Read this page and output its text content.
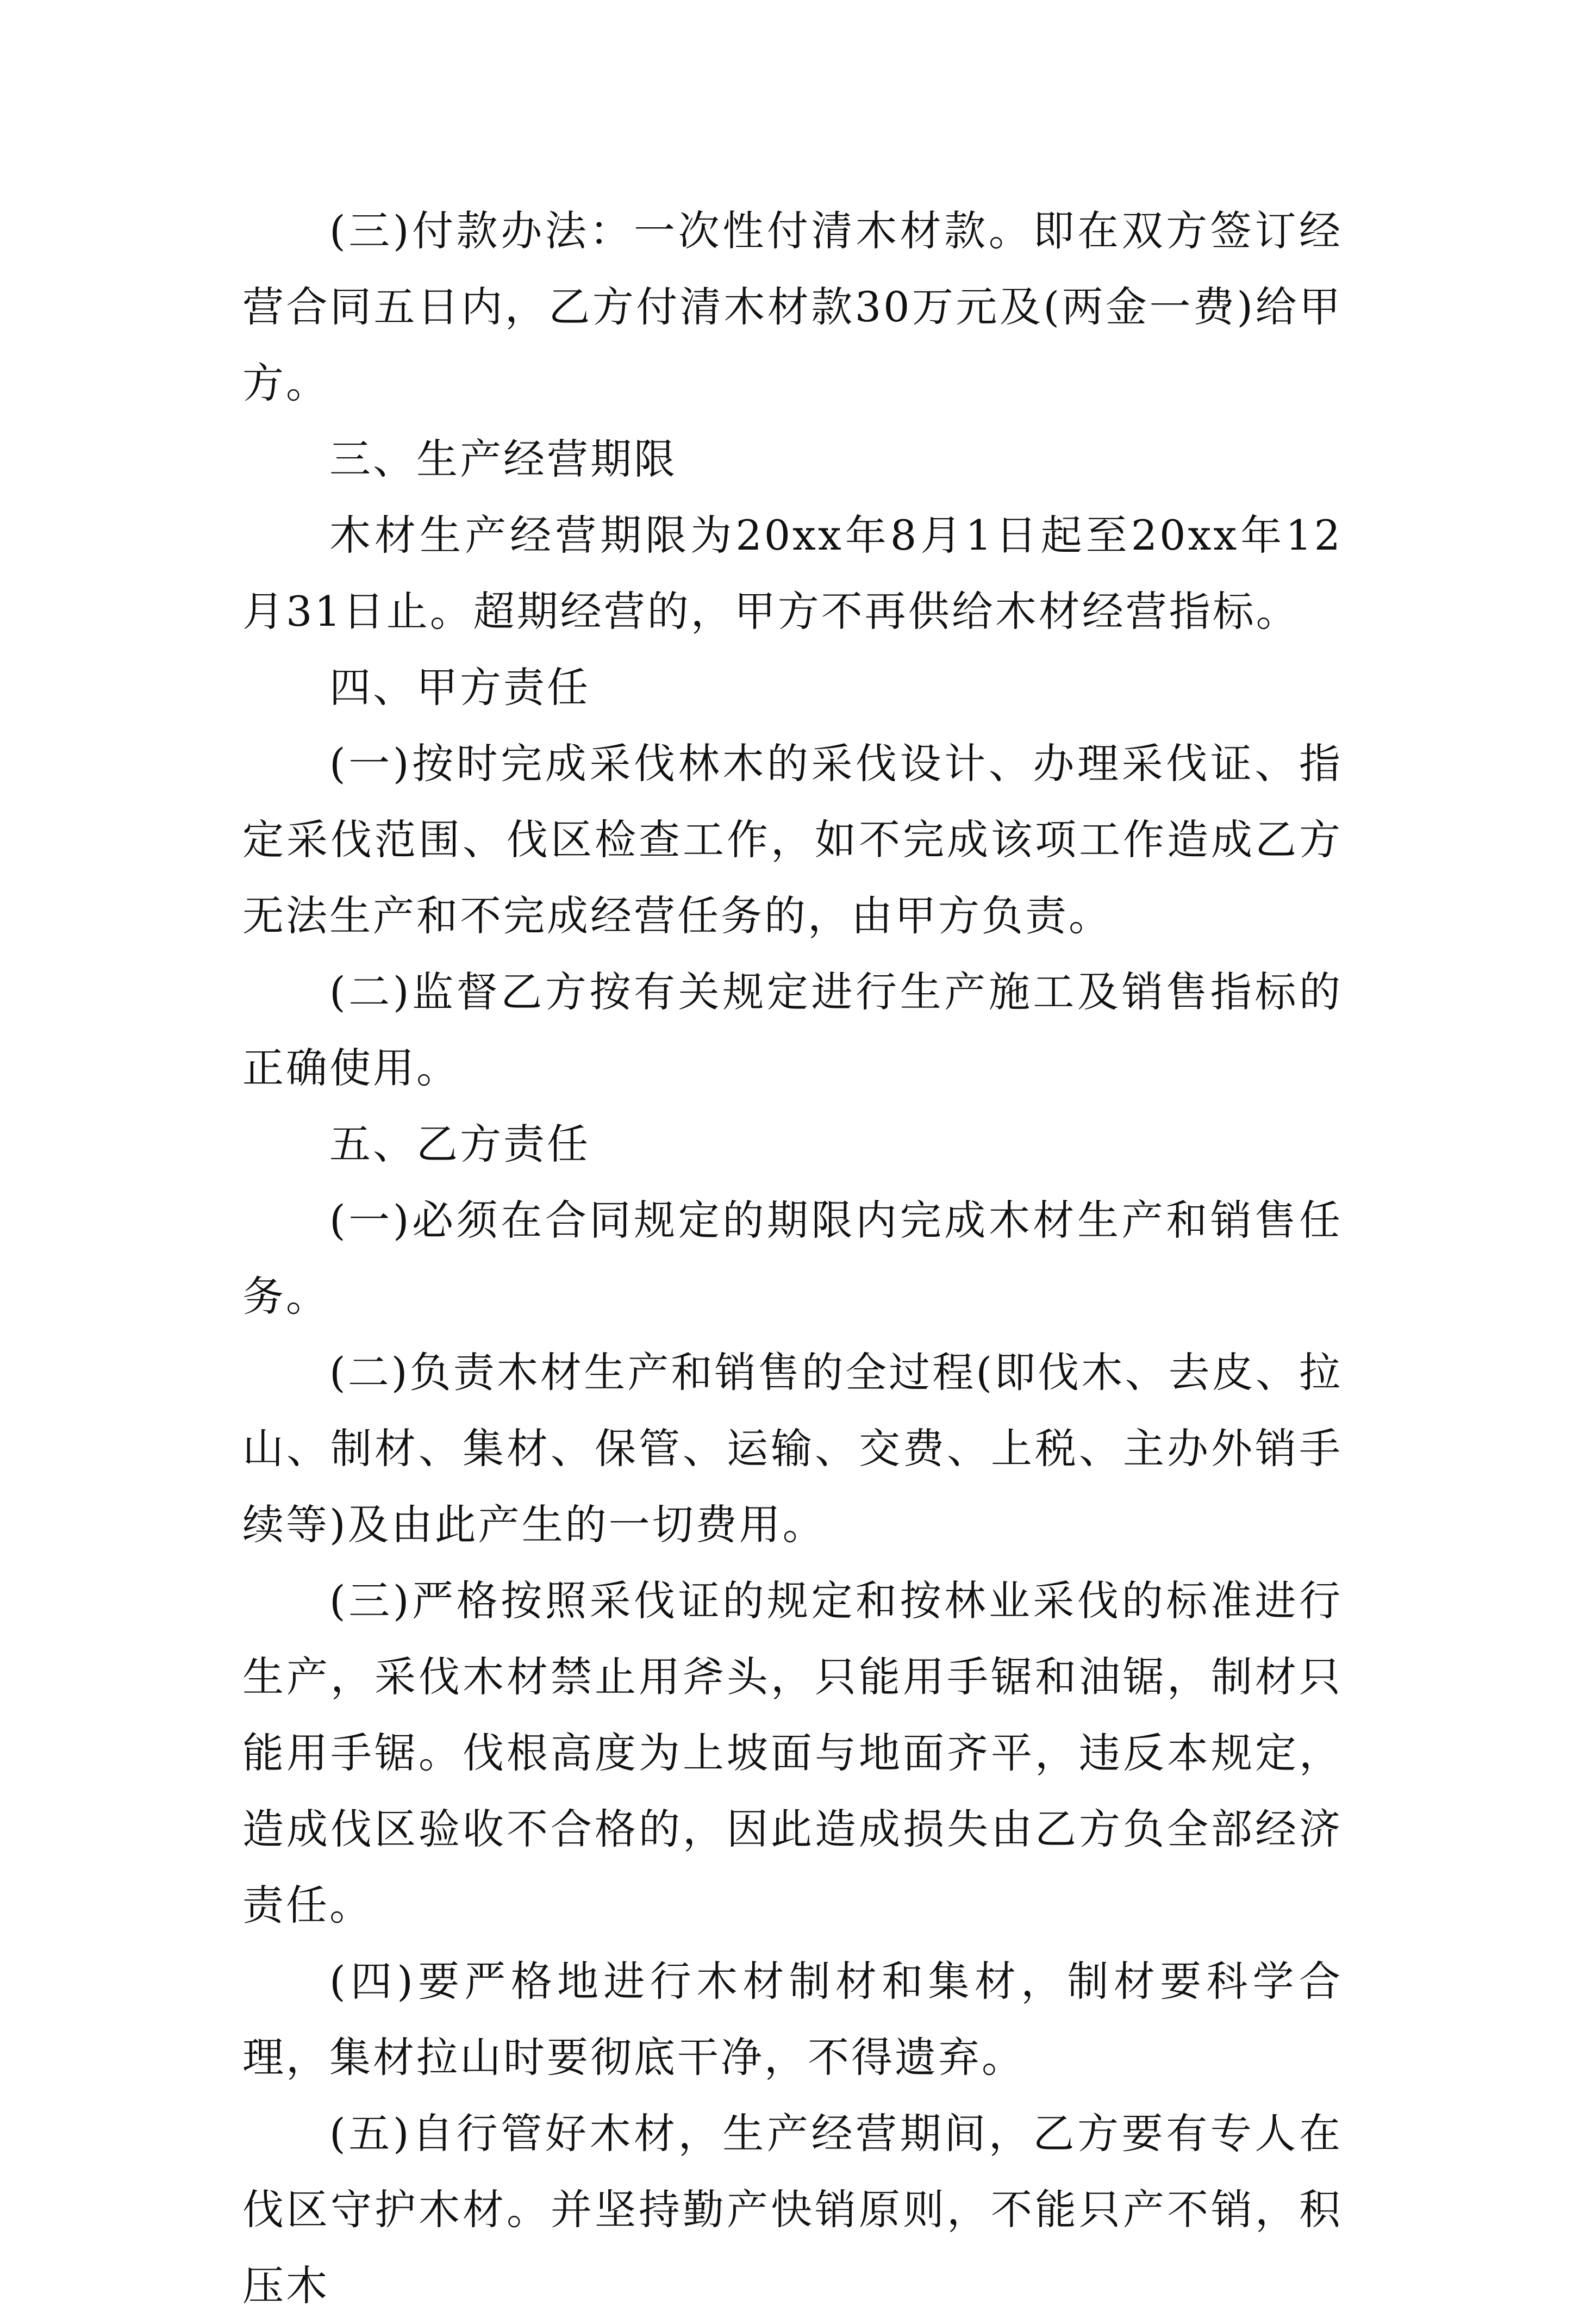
(三)付款办法：一次性付清木材款。即在双方签订经营合同五日内，乙方付清木材款30万元及(两金一费)给甲方。

三、生产经营期限

木材生产经营期限为20xx年8月1日起至20xx年12月31日止。超期经营的，甲方不再供给木材经营指标。

四、甲方责任

(一)按时完成采伐林木的采伐设计、办理采伐证、指定采伐范围、伐区检查工作，如不完成该项工作造成乙方无法生产和不完成经营任务的，由甲方负责。

(二)监督乙方按有关规定进行生产施工及销售指标的正确使用。

五、乙方责任

(一)必须在合同规定的期限内完成木材生产和销售任务。

(二)负责木材生产和销售的全过程(即伐木、去皮、拉山、制材、集材、保管、运输、交费、上税、主办外销手续等)及由此产生的一切费用。

(三)严格按照采伐证的规定和按林业采伐的标准进行生产，采伐木材禁止用斧头，只能用手锯和油锯，制材只能用手锯。伐根高度为上坡面与地面齐平，违反本规定，造成伐区验收不合格的，因此造成损失由乙方负全部经济责任。

(四)要严格地进行木材制材和集材，制材要科学合理，集材拉山时要彻底干净，不得遗弃。

(五)自行管好木材，生产经营期间，乙方要有专人在伐区守护木材。并坚持勤产快销原则，不能只产不销，积压木
